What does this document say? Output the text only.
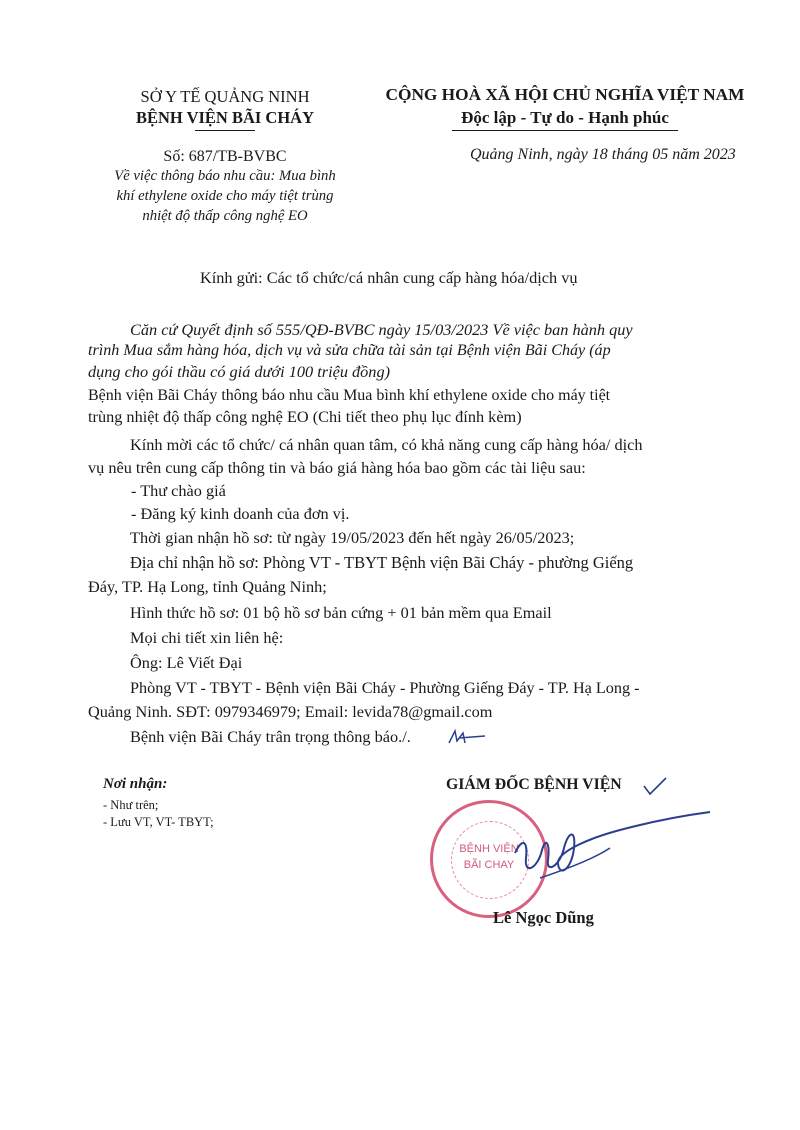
SỞ Y TẾ QUẢNG NINH
BỆNH VIỆN BÃI CHÁY
CỘNG HOÀ XÃ HỘI CHỦ NGHĨA VIỆT NAM
Độc lập - Tự do - Hạnh phúc
Số: 687/TB-BVBC
Về việc thông báo nhu cầu: Mua bình
khí ethylene oxide cho máy tiệt trùng
nhiệt độ thấp công nghệ EO
Quảng Ninh, ngày 18 tháng 05 năm 2023
Kính gửi: Các tổ chức/cá nhân cung cấp hàng hóa/dịch vụ
Căn cứ Quyết định số 555/QĐ-BVBC ngày 15/03/2023 Về việc ban hành quy
trình Mua sắm hàng hóa, dịch vụ và sửa chữa tài sản tại Bệnh viện Bãi Cháy (áp
dụng cho gói thầu có giá dưới 100 triệu đồng)
Bệnh viện Bãi Cháy thông báo nhu cầu Mua bình khí ethylene oxide cho máy tiệt
trùng nhiệt độ thấp công nghệ EO (Chi tiết theo phụ lục đính kèm)
Kính mời các tổ chức/ cá nhân quan tâm, có khả năng cung cấp hàng hóa/ dịch
vụ nêu trên cung cấp thông tin và báo giá hàng hóa bao gồm các tài liệu sau:
- Thư chào giá
- Đăng ký kinh doanh của đơn vị.
Thời gian nhận hồ sơ: từ ngày 19/05/2023 đến hết ngày 26/05/2023;
Địa chỉ nhận hồ sơ: Phòng VT - TBYT Bệnh viện Bãi Cháy - phường Giếng
Đáy, TP. Hạ Long, tỉnh Quảng Ninh;
Hình thức hồ sơ: 01 bộ hồ sơ bản cứng + 01 bản mềm qua Email
Mọi chi tiết xin liên hệ:
Ông: Lê Viết Đại
Phòng VT - TBYT - Bệnh viện Bãi Cháy - Phường Giếng Đáy - TP. Hạ Long -
Quảng Ninh. SĐT: 0979346979; Email: levida78@gmail.com
Bệnh viện Bãi Cháy trân trọng thông báo./.
Nơi nhận:
- Như trên;
- Lưu VT, VT- TBYT;
GIÁM ĐỐC BỆNH VIỆN
BỆNH VIỆN
BÃI CHAY
Lê Ngọc Dũng
